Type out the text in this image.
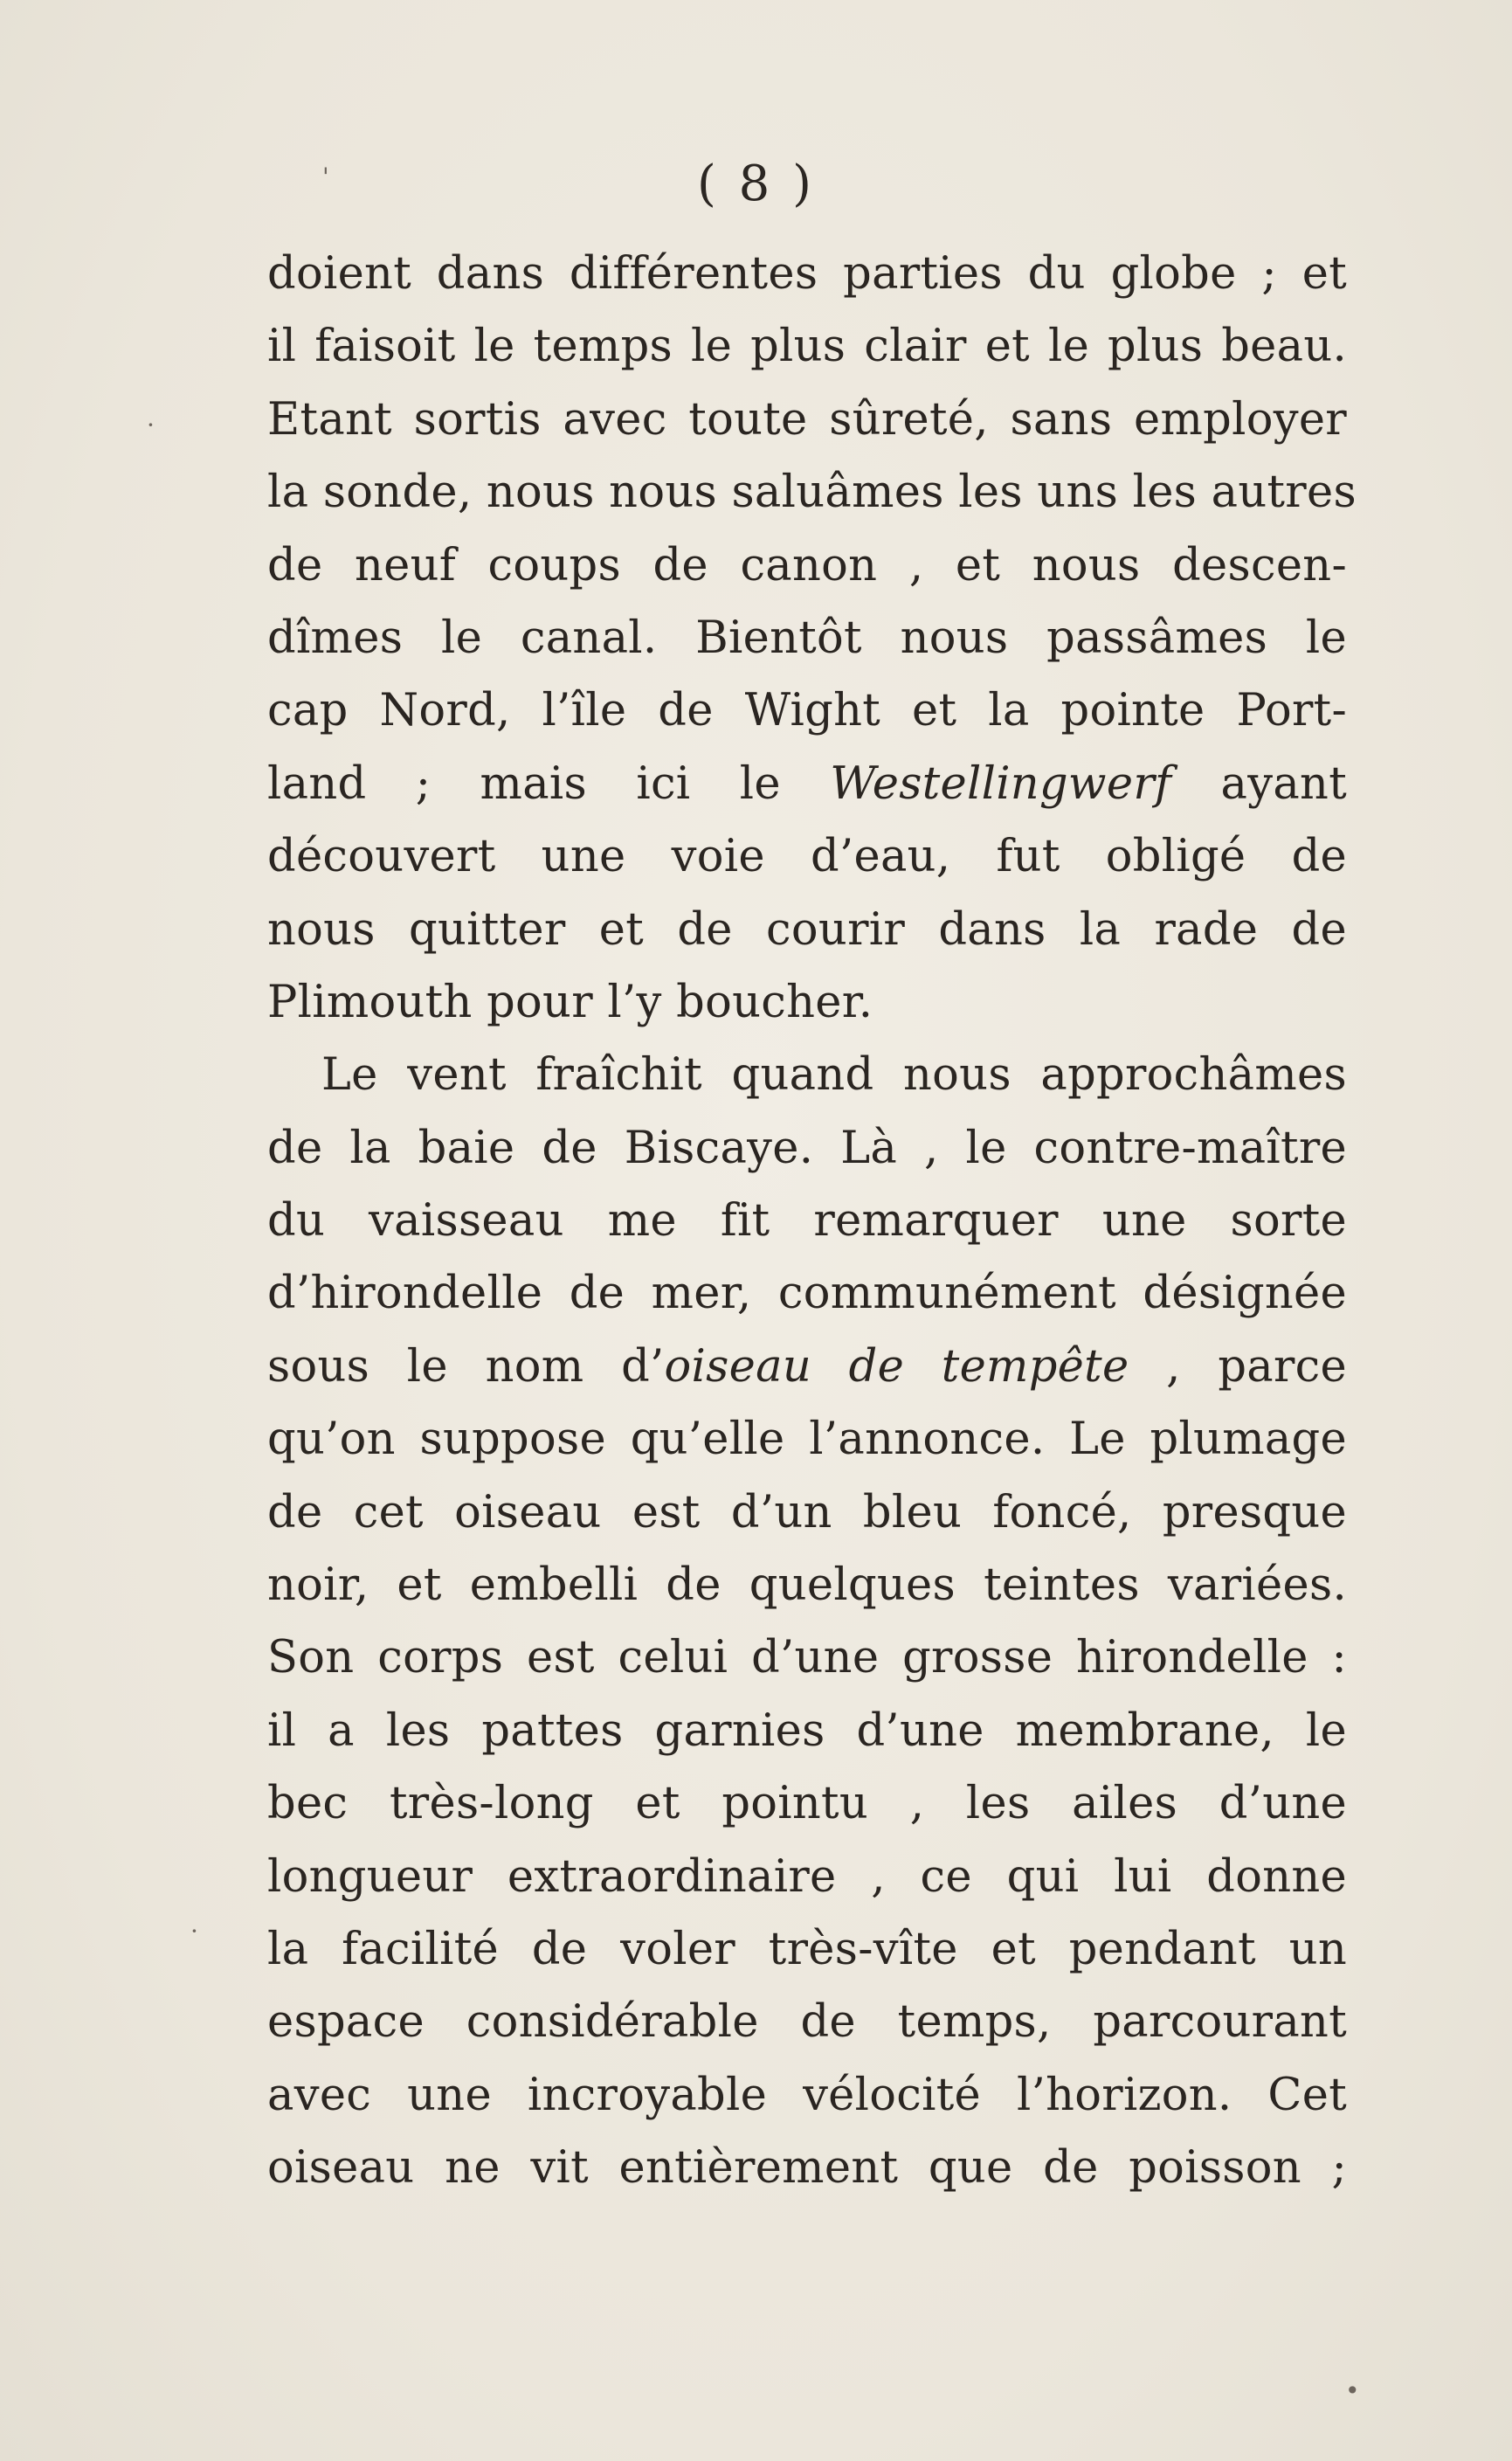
( 8 )
doient dans différentes parties du globe ; et
il faisoit le temps le plus clair et le plus beau.
Etant sortis avec toute sûreté, sans employer
la sonde, nous nous saluâmes les uns les autres
de neuf coups de canon , et nous descen-
dîmes le canal. Bientôt nous passâmes le
cap Nord, l’île de Wight et la pointe Port-
land ; mais ici le Westellingwerf ayant
découvert une voie d’eau, fut obligé de
nous quitter et de courir dans la rade de
Plimouth pour l’y boucher.
Le vent fraîchit quand nous approchâmes
de la baie de Biscaye. Là , le contre-maître
du vaisseau me fit remarquer une sorte
d’hirondelle de mer, communément désignée
sous le nom d’oiseau de tempête , parce
qu’on suppose qu’elle l’annonce. Le plumage
de cet oiseau est d’un bleu foncé, presque
noir, et embelli de quelques teintes variées.
Son corps est celui d’une grosse hirondelle :
il a les pattes garnies d’une membrane, le
bec très-long et pointu , les ailes d’une
longueur extraordinaire , ce qui lui donne
la facilité de voler très-vîte et pendant un
espace considérable de temps, parcourant
avec une incroyable vélocité l’horizon. Cet
oiseau ne vit entièrement que de poisson ;
'
·
·
•
